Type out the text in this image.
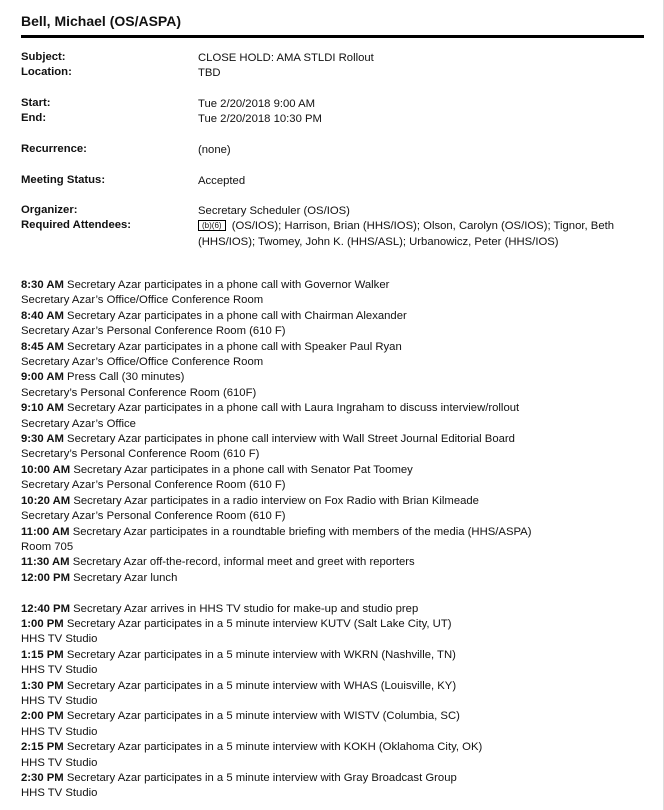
Bell, Michael (OS/ASPA)
Subject:	CLOSE HOLD: AMA STLDI Rollout
Location:	TBD
Start:	Tue 2/20/2018 9:00 AM
End:	Tue 2/20/2018 10:30 PM
Recurrence:	(none)
Meeting Status:	Accepted
Organizer:	Secretary Scheduler (OS/IOS)
Required Attendees:	(b)(6) (OS/IOS); Harrison, Brian (HHS/IOS); Olson, Carolyn (OS/IOS); Tignor, Beth (HHS/IOS); Twomey, John K. (HHS/ASL); Urbanowicz, Peter (HHS/IOS)
8:30 AM Secretary Azar participates in a phone call with Governor Walker
Secretary Azar’s Office/Office Conference Room
8:40 AM Secretary Azar participates in a phone call with Chairman Alexander
Secretary Azar’s Personal Conference Room (610 F)
8:45 AM Secretary Azar participates in a phone call with Speaker Paul Ryan
Secretary Azar’s Office/Office Conference Room
9:00 AM Press Call (30 minutes)
Secretary’s Personal Conference Room (610F)
9:10 AM Secretary Azar participates in a phone call with Laura Ingraham to discuss interview/rollout
Secretary Azar’s Office
9:30 AM Secretary Azar participates in phone call interview with Wall Street Journal Editorial Board
Secretary’s Personal Conference Room (610 F)
10:00 AM Secretary Azar participates in a phone call with Senator Pat Toomey
Secretary Azar’s Personal Conference Room (610 F)
10:20 AM Secretary Azar participates in a radio interview on Fox Radio with Brian Kilmeade
Secretary Azar’s Personal Conference Room (610 F)
11:00 AM Secretary Azar participates in a roundtable briefing with members of the media (HHS/ASPA)
Room 705
11:30 AM Secretary Azar off-the-record, informal meet and greet with reporters
12:00 PM Secretary Azar lunch
12:40 PM Secretary Azar arrives in HHS TV studio for make-up and studio prep
1:00 PM Secretary Azar participates in a 5 minute interview KUTV (Salt Lake City, UT)
HHS TV Studio
1:15 PM Secretary Azar participates in a 5 minute interview with WKRN (Nashville, TN)
HHS TV Studio
1:30 PM Secretary Azar participates in a 5 minute interview with WHAS (Louisville, KY)
HHS TV Studio
2:00 PM Secretary Azar participates in a 5 minute interview with WISTV (Columbia, SC)
HHS TV Studio
2:15 PM Secretary Azar participates in a 5 minute interview with KOKH (Oklahoma City, OK)
HHS TV Studio
2:30 PM Secretary Azar participates in a 5 minute interview with Gray Broadcast Group
HHS TV Studio
